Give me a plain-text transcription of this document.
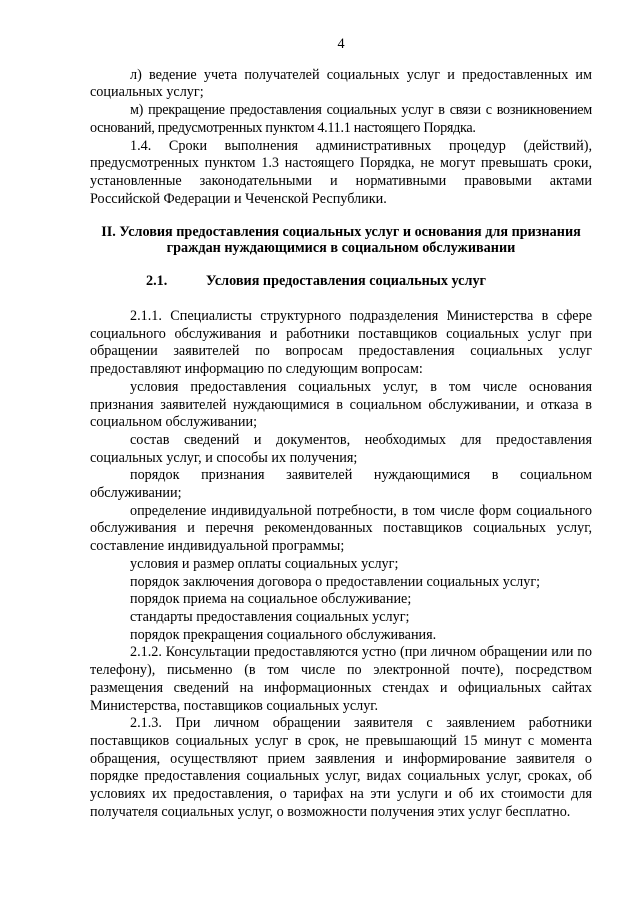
4

л) ведение учета получателей социальных услуг и предоставленных им социальных услуг;

м) прекращение предоставления социальных услуг в связи с возникновением оснований, предусмотренных пунктом 4.11.1 настоящего Порядка.

1.4. Сроки выполнения административных процедур (действий), предусмотренных пунктом 1.3 настоящего Порядка, не могут превышать сроки, установленные законодательными и нормативными правовыми актами Российской Федерации и Чеченской Республики.

II. Условия предоставления социальных услуг и основания для признания граждан нуждающимися в социальном обслуживании
2.1.	Условия предоставления социальных услуг

2.1.1. Специалисты структурного подразделения Министерства в сфере социального обслуживания и работники поставщиков социальных услуг при обращении заявителей по вопросам предоставления социальных услуг предоставляют информацию по следующим вопросам:

условия предоставления социальных услуг, в том числе основания признания заявителей нуждающимися в социальном обслуживании, и отказа в социальном обслуживании;

состав сведений и документов, необходимых для предоставления социальных услуг, и способы их получения;

порядок признания заявителей нуждающимися в социальном обслуживании;

определение индивидуальной потребности, в том числе форм социального обслуживания и перечня рекомендованных поставщиков социальных услуг, составление индивидуальной программы;

условия и размер оплаты социальных услуг;

порядок заключения договора о предоставлении социальных услуг;

порядок приема на социальное обслуживание;

стандарты предоставления социальных услуг;

порядок прекращения социального обслуживания.

2.1.2. Консультации предоставляются устно (при личном обращении или по телефону), письменно (в том числе по электронной почте), посредством размещения сведений на информационных стендах и официальных сайтах Министерства, поставщиков социальных услуг.

2.1.3. При личном обращении заявителя с заявлением работники поставщиков социальных услуг в срок, не превышающий 15 минут с момента обращения, осуществляют прием заявления и информирование заявителя о порядке предоставления социальных услуг, видах социальных услуг, сроках, об условиях их предоставления, о тарифах на эти услуги и об их стоимости для получателя социальных услуг, о возможности получения этих услуг бесплатно.
